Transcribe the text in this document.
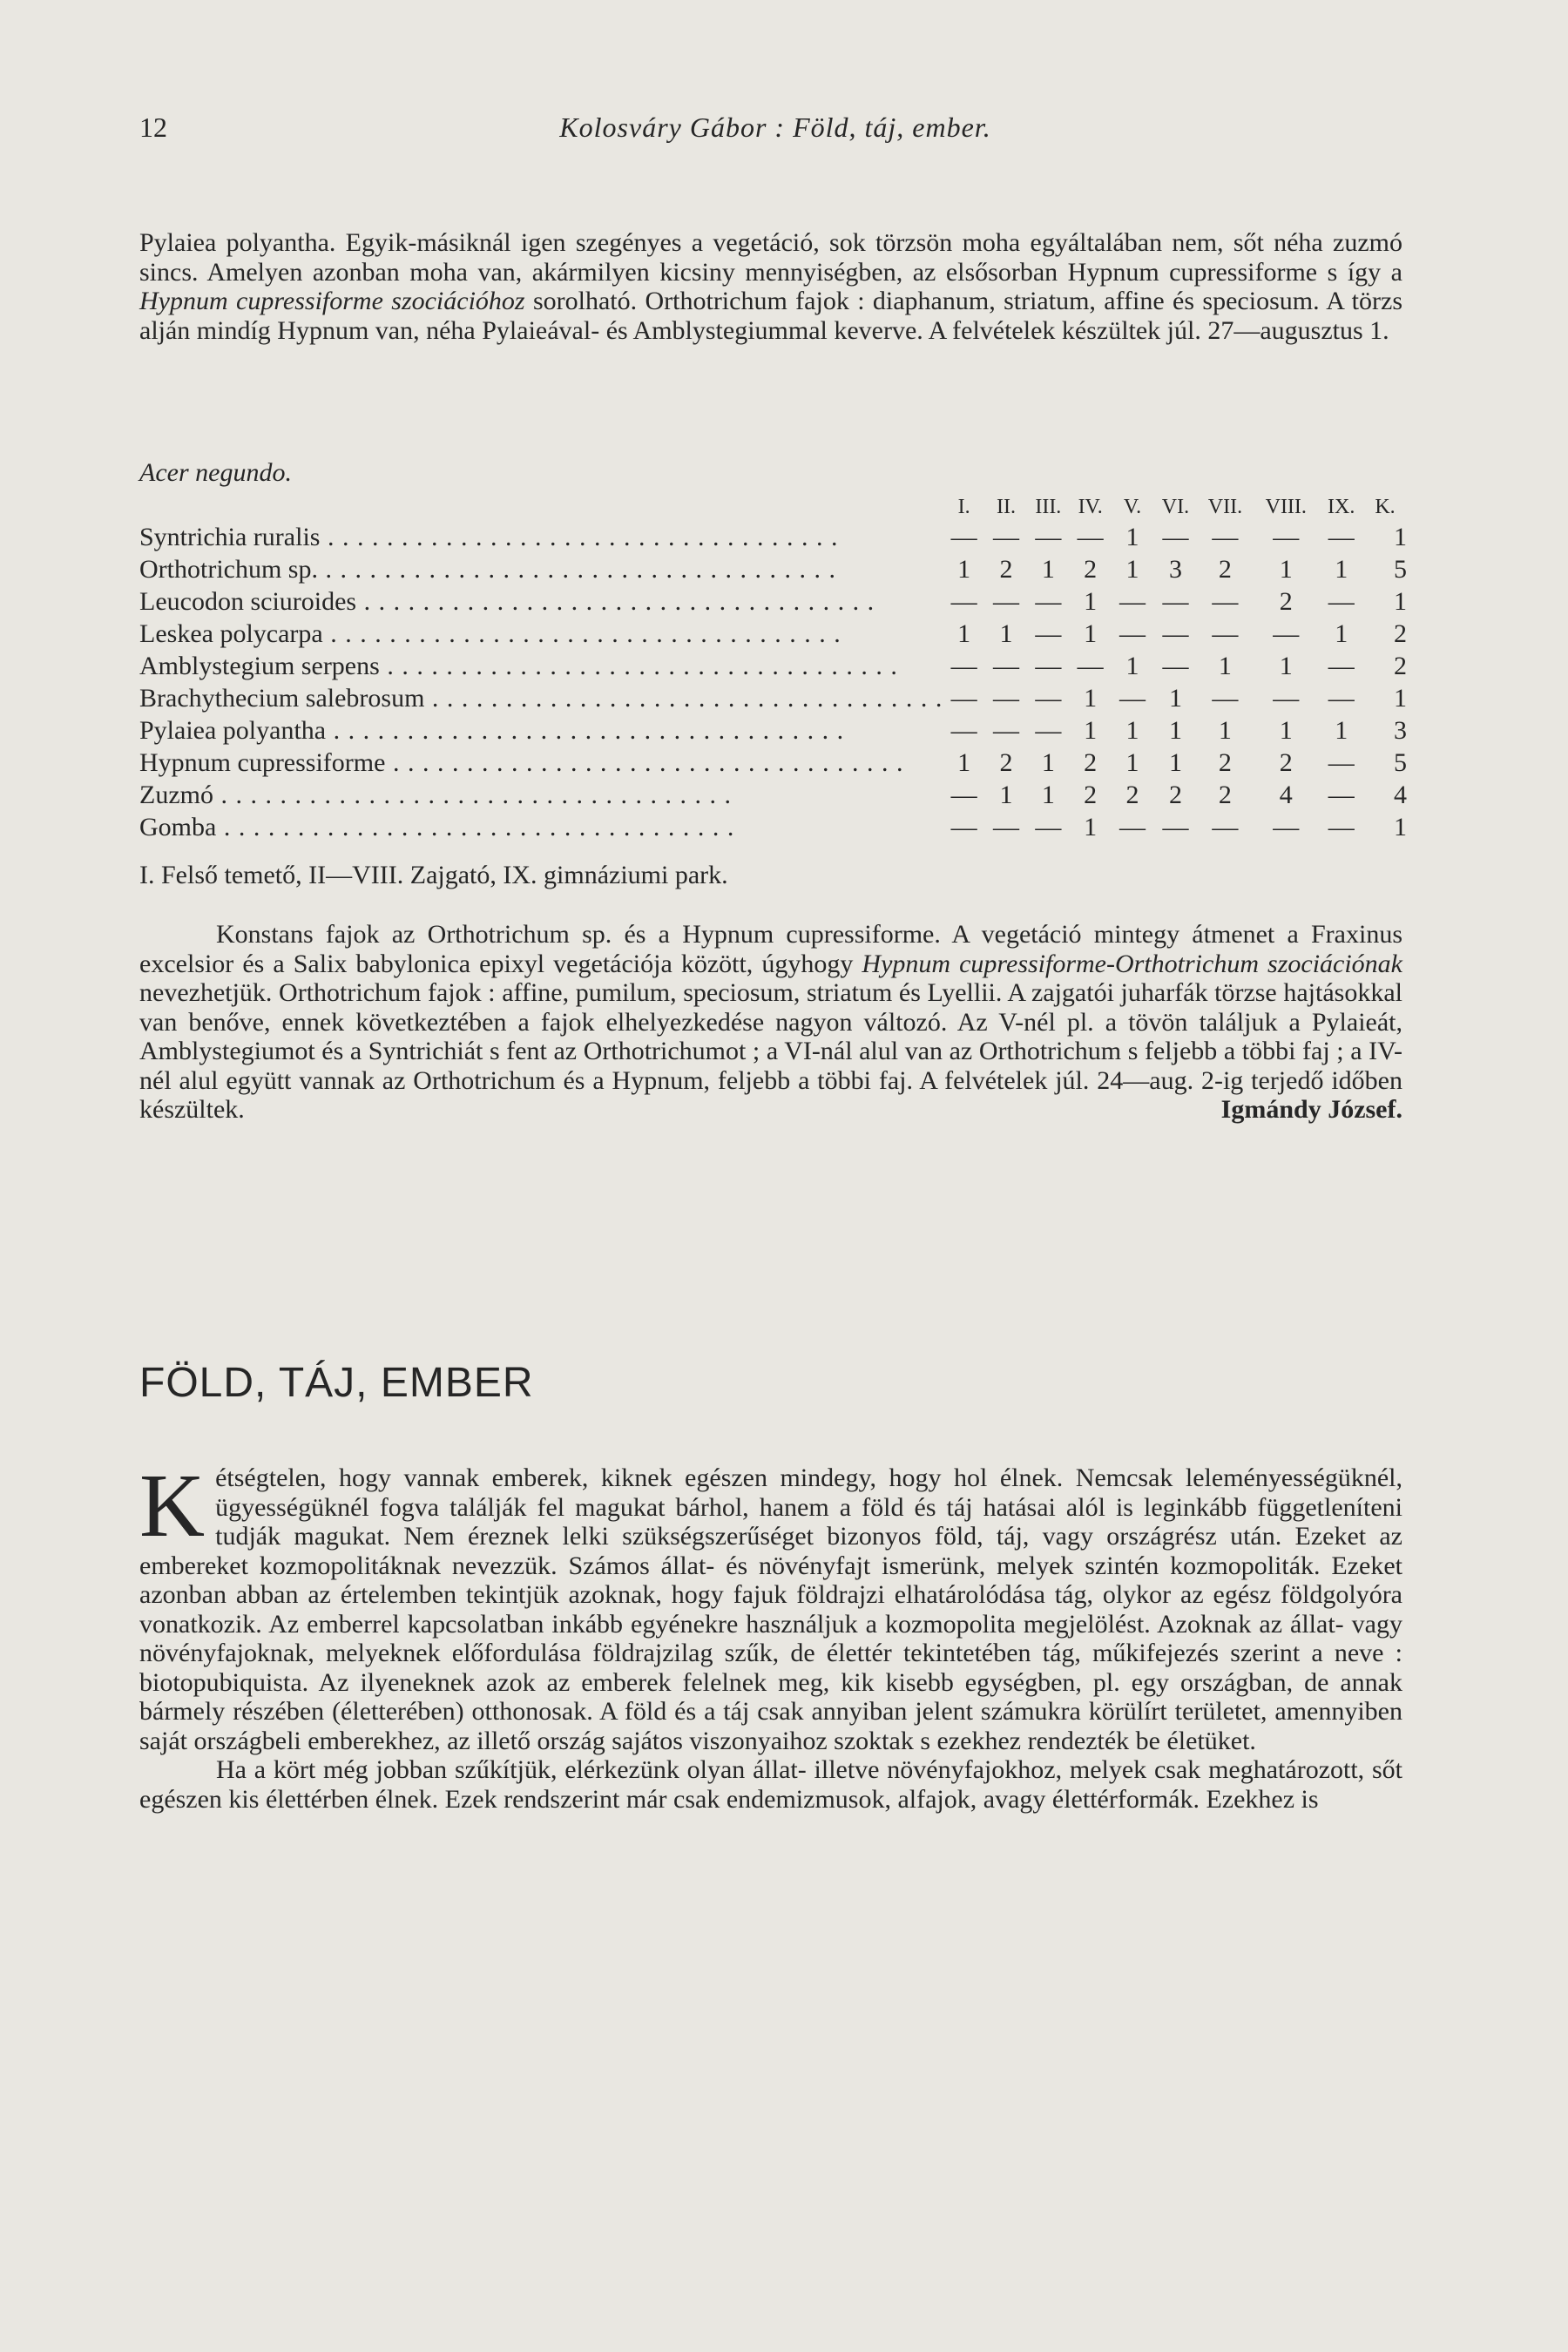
12	Kolosváry Gábor : Föld, táj, ember.

Pylaiea polyantha. Egyik-másiknál igen szegényes a vegetáció, sok törzsön moha egyáltalában nem, sőt néha zuzmó sincs. Amelyen azonban moha van, akármilyen kicsiny mennyiségben, az elsősorban Hypnum cupressiforme s így a Hypnum cupressiforme szociációhoz sorolható. Orthotrichum fajok : diaphanum, striatum, affine és speciosum. A törzs alján mindíg Hypnum van, néha Pylaieával- és Amblystegiummal keverve. A felvételek készültek júl. 27—augusztus 1.

Acer negundo.
	I.	II.	III.	IV.	V.	VI.	VII.	VIII.	IX.	K.
Syntrichia ruralis . . .	—	—	—	—	1	—	—	—	—	1
Orthotrichum sp. . . .	1	2	1	2	1	3	2	1	1	5
Leucodon sciuroides . . .	—	—	—	1	—	—	—	2	—	1
Leskea polycarpa . . .	1	1	—	1	—	—	—	—	1	2
Amblystegium serpens . . .	—	—	—	—	1	—	1	1	—	2
Brachythecium salebrosum . . .	—	—	—	1	—	1	—	—	—	1
Pylaiea polyantha . . .	—	—	—	1	1	1	1	1	1	3
Hypnum cupressiforme . . .	1	2	1	2	1	1	2	2	—	5
Zuzmó . . .	—	1	1	2	2	2	2	4	—	4
Gomba . . .	—	—	—	1	—	—	—	—	—	1

I. Felső temető, II—VIII. Zajgató, IX. gimnáziumi park.

Konstans fajok az Orthotrichum sp. és a Hypnum cupressiforme. A vegetáció mintegy átmenet a Fraxinus excelsior és a Salix babylonica epixyl vegetációja között, úgyhogy Hypnum cupressiforme-Orthotrichum szociációnak nevezhetjük. Orthotrichum fajok : affine, pumilum, speciosum, striatum és Lyellii. A zajgatói juharfák törzse hajtásokkal van benőve, ennek következtében a fajok elhelyezkedése nagyon változó. Az V-nél pl. a tövön találjuk a Pylaieát, Amblystegiumot és a Syntrichiát s fent az Orthotrichumot ; a VI-nál alul van az Orthotrichum s feljebb a többi faj ; a IV-nél alul együtt vannak az Orthotrichum és a Hypnum, feljebb a többi faj. A felvételek júl. 24—aug. 2-ig terjedő időben készültek.	Igmándy József.

FÖLD, TÁJ, EMBER

Kétségtelen, hogy vannak emberek, kiknek egészen mindegy, hogy hol élnek. Nemcsak leleményességüknél, ügyességüknél fogva találják fel magukat bárhol, hanem a föld és táj hatásai alól is leginkább függetleníteni tudják magukat. Nem éreznek lelki szükségszerűséget bizonyos föld, táj, vagy országrész után. Ezeket az embereket kozmopolitáknak nevezzük. Számos állat- és növényfajt ismerünk, melyek szintén kozmopoliták. Ezeket azonban abban az értelemben tekintjük azoknak, hogy fajuk földrajzi elhatárolódása tág, olykor az egész földgolyóra vonatkozik. Az emberrel kapcsolatban inkább egyénekre használjuk a kozmopolita megjelölést. Azoknak az állat- vagy növényfajoknak, melyeknek előfordulása földrajzilag szűk, de élettér tekintetében tág, műkifejezés szerint a neve : biotopubiquista. Az ilyeneknek azok az emberek felelnek meg, kik kisebb egységben, pl. egy országban, de annak bármely részében (életterében) otthonosak. A föld és a táj csak annyiban jelent számukra körülírt területet, amennyiben saját országbeli emberekhez, az illető ország sajátos viszonyaihoz szoktak s ezekhez rendezték be életüket.

Ha a kört még jobban szűkítjük, elérkezünk olyan állat- illetve növényfajokhoz, melyek csak meghatározott, sőt egészen kis élettérben élnek. Ezek rendszerint már csak endemizmusok, alfajok, avagy élettérformák. Ezekhez is
